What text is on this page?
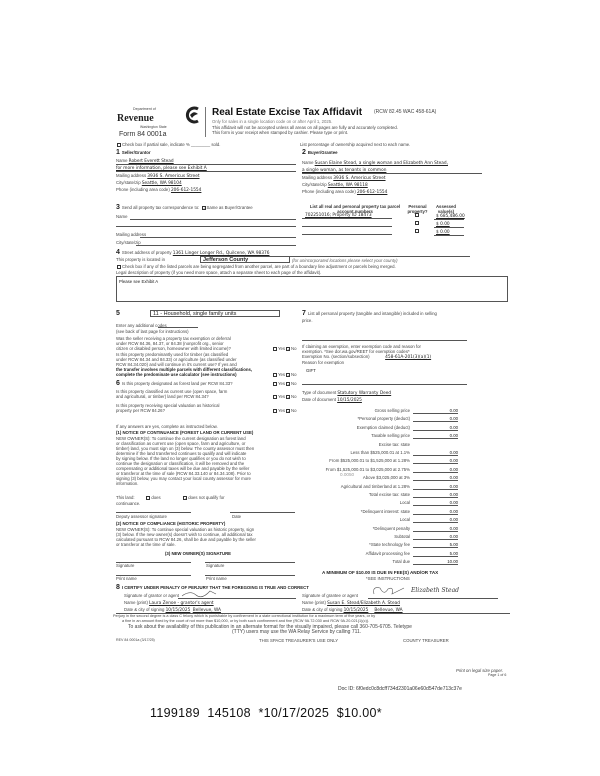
Department of
Revenue
Washington State
Form 84 0001a
Real Estate Excise Tax Affidavit (RCW 82.45 WAC 458-61A)
Only for sales in a single location code on or after April 1, 2025.
This affidavit will not be accepted unless all areas on all pages are fully and accurately completed.
This form is your receipt when stamped by cashier. Please type or print.
Check box if partial sale, indicate % ________ sold.	List percentage of ownership acquired next to each name.
1 Seller/Grantor
Name Robert Everett Stead
for more information, please see Exhibit A
Mailing address 3936 S. Americus Street
City/state/zip Seattle, WA 98104
Phone (including area code) 206-612-1554
2 Buyer/Grantee
Name Susan Elaine Stead, a single woman and Elizabeth Ann Stead,
a single woman, as tenants in common
Mailing address 3936 S. Americus Street
City/state/zip Seattle, WA 98118
Phone (including area code) 206-612-1554
3 Send all property tax correspondence to: ✓Same as Buyer/Grantee
Name
Mailing address
City/state/zip
List all real and personal property tax parcel account numbers
Personal property?
Assessed value(s)
702251016; Property ID 18473	$ 685,486.00
$ 0.00
$ 0.00
4 Street address of property 1361 Linger Longer Rd., Quilcene, WA 98376
This property is located in	Jefferson County	(for unincorporated locations please select your county)
Check box if any of the listed parcels are being segregated from another parcel, are part of a boundary line adjustment or parcels being merged.
Legal description of property (if you need more space, attach a separate sheet to each page of the affidavit).
Please see Exhibit A
5	11 - Household, single family units
Enter any additional codes
(see back of last page for instructions)
Was the seller receiving a property tax exemption or deferral
under RCW 84.36, 84.37, or 84.38 (nonprofit org., senior
citizen or disabled person, homeowner with limited income)?	Yes ✓No
Is this property predominantly used for timber (as classified
under RCW 84.34 and 84.33) or agriculture (as classified under
RCW 84.34.020) and will continue in it's current use? If yes and
the transfer involves multiple parcels with different classifications,
complete the predominate use calculator (see instructions)	Yes ✓No
6 Is this property designated as forest land per RCW 84.33?	Yes ✓No
Is this property classified as current use (open space, farm
and agricultural, or timber) land per RCW 84.34?	Yes ✓No
Is this property receiving special valuation as historical
property per RCW 84.26?	Yes ✓No
If any answers are yes, complete as instructed below.
(1) NOTICE OF CONTINUANCE (FOREST LAND OR CURRENT USE)
NEW OWNER(S): To continue the current designation as forest land
or classification as current use (open space, farm and agriculture, or
timber) land, you must sign on (3) below. The county assessor must then
determine if the land transferred continues to qualify and will indicate
by signing below. If the land no longer qualifies or you do not wish to
continue the designation or classification, it will be removed and the
compensating or additional taxes will be due and payable by the seller
or transferor at the time of sale (RCW 84.33.140 or 84.34.108). Prior to
signing (3) below, you may contact your local county assessor for more
information.
This land:	does	✓does not qualify for
continuance.
Deputy assessor signature	Date
(2) NOTICE OF COMPLIANCE (HISTORIC PROPERTY)
NEW OWNER(S): To continue special valuation as historic property, sign
(3) below. If the new owner(s) doesn't wish to continue, all additional tax
calculated pursuant to RCW 84.26, shall be due and payable by the seller
or transferor at the time of sale.
(3) NEW OWNER(S) SIGNATURE
Signature	Signature
Print name	Print name
7 List all personal property (tangible and intangible) included in selling
price.
If claiming an exemption, enter exemption code and reason for
exemption. *See dor.wa.gov/REET for exemption codes*
Exemption No. (section/subsection)	458-61A-201(3)(a)(1)
Reason for exemption
GIFT
Type of document Statutory Warranty Deed
Date of document 10/15/2025
Gross selling price	0.00
*Personal property (deduct)	0.00
Exemption claimed (deduct)	0.00
Taxable selling price	0.00
Excise tax: state
Less than $525,000.01 at 1.1%	0.00
From $525,000.01 to $1,525,000 at 1.28%	0.00
From $1,525,000.01 to $3,025,000 at 2.75%	0.00
Above $3,025,000 at 3%	0.00
Agricultural and timberland at 1.28%	0.00
Total excise tax: state	0.00
Local	0.00
*Delinquent interest: state	0.00
Local	0.00
*Delinquent penalty	0.00
Subtotal	0.00
*State technology fee	5.00
Affidavit processing fee	5.00
Total due	10.00
0.0050
A MINIMUM OF $10.00 IS DUE IN FEE(S) AND/OR TAX
*SEE INSTRUCTIONS
8 I CERTIFY UNDER PENALTY OF PERJURY THAT THE FOREGOING IS TRUE AND CORRECT
Signature of grantor or agent
Name (print) Laura Zenoe - grantor's agent
Date & city of signing 10/15/2025 Bellevue, WA
Signature of grantee or agent
Elizabeth Stead
Name (print) Susan E. Stead/Elizabeth A. Stead
Date & city of signing 10/15/2025 Bellevue, WA
Perjury in the second degree is a class C felony which is punishable by confinement in a state correctional institution for a maximum term of five years, or by
a fine in an amount fixed by the court of not more than $10,000, or by both such confinement and fine (RCW 9A.72.030 and RCW 9A.20.021(1)(c)).
To ask about the availability of this publication in an alternate format for the visually impaired, please call 360-705-6705. Teletype
(TTY) users may use the WA Relay Service by calling 711.
REV 84 0001a (3/17/25)	THIS SPACE TREASURER'S USE ONLY	COUNTY TREASURER
Print on legal size paper.
Page 1 of 6
Doc ID: 6f0edc0c8dcff734d2301a06e60d547de713c37e
1199189  145108  *10/17/2025  $10.00*
